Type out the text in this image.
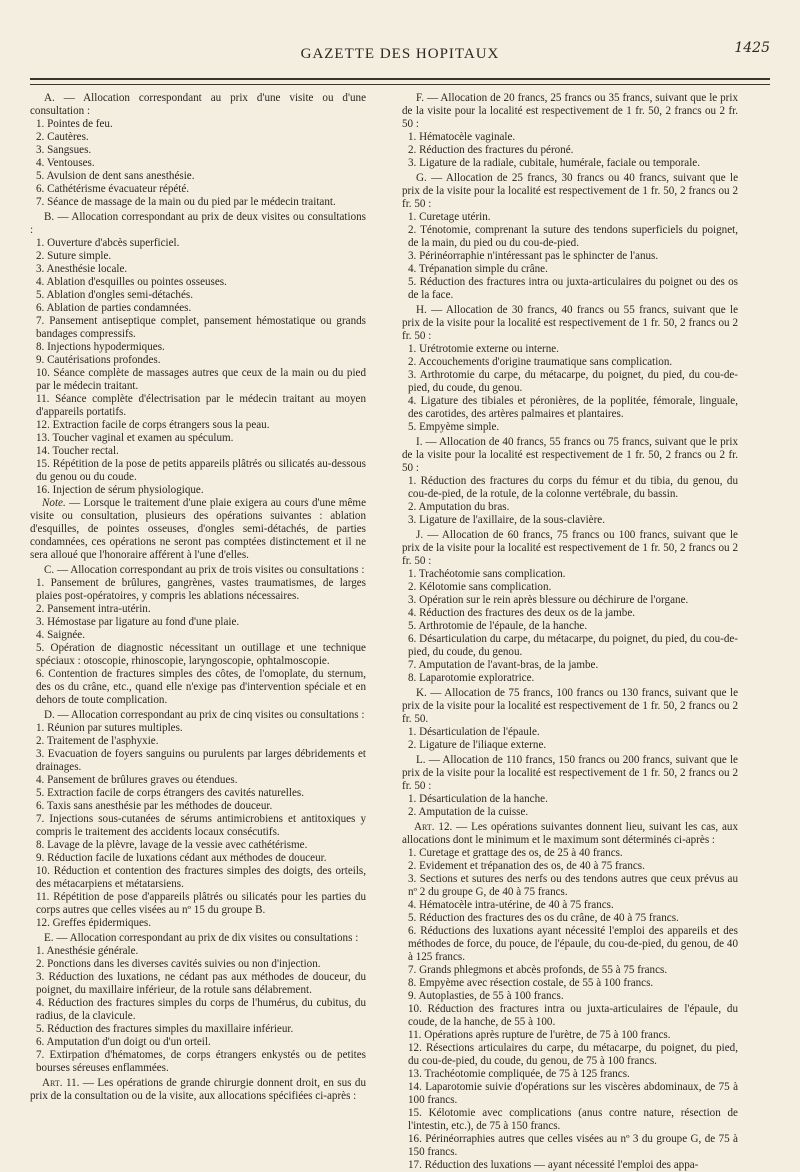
GAZETTE DES HOPITAUX	1425

A. — Allocation correspondant au prix d'une visite ou d'une consultation :

1. Pointes de feu.

2. Cautères.

3. Sangsues.

4. Ventouses.

5. Avulsion de dent sans anesthésie.

6. Cathétérisme évacuateur répété.

7. Séance de massage de la main ou du pied par le médecin traitant.

B. — Allocation correspondant au prix de deux visites ou consultations :

1. Ouverture d'abcès superficiel.

2. Suture simple.

3. Anesthésie locale.

4. Ablation d'esquilles ou pointes osseuses.

5. Ablation d'ongles semi-détachés.

6. Ablation de parties condamnées.

7. Pansement antiseptique complet, pansement hémostatique ou grands bandages compressifs.

8. Injections hypodermiques.

9. Cautérisations profondes.

10. Séance complète de massages autres que ceux de la main ou du pied par le médecin traitant.

11. Séance complète d'électrisation par le médecin traitant au moyen d'appareils portatifs.

12. Extraction facile de corps étrangers sous la peau.

13. Toucher vaginal et examen au spéculum.

14. Toucher rectal.

15. Répétition de la pose de petits appareils plâtrés ou silicatés au-dessous du genou ou du coude.

16. Injection de sérum physiologique.

Note. — Lorsque le traitement d'une plaie exigera au cours d'une même visite ou consultation, plusieurs des opérations suivantes : ablation d'esquilles, de pointes osseuses, d'ongles semi-détachés, de parties condamnées, ces opérations ne seront pas comptées distinctement et il ne sera alloué que l'honoraire afférent à l'une d'elles.

C. — Allocation correspondant au prix de trois visites ou consultations :

1. Pansement de brûlures, gangrènes, vastes traumatismes, de larges plaies post-opératoires, y compris les ablations nécessaires.

2. Pansement intra-utérin.

3. Hémostase par ligature au fond d'une plaie.

4. Saignée.

5. Opération de diagnostic nécessitant un outillage et une technique spéciaux : otoscopie, rhinoscopie, laryngoscopie, ophtalmoscopie.

6. Contention de fractures simples des côtes, de l'omoplate, du sternum, des os du crâne, etc., quand elle n'exige pas d'intervention spéciale et en dehors de toute complication.

D. — Allocation correspondant au prix de cinq visites ou consultations :

1. Réunion par sutures multiples.

2. Traitement de l'asphyxie.

3. Evacuation de foyers sanguins ou purulents par larges débridements et drainages.

4. Pansement de brûlures graves ou étendues.

5. Extraction facile de corps étrangers des cavités naturelles.

6. Taxis sans anesthésie par les méthodes de douceur.

7. Injections sous-cutanées de sérums antimicrobiens et antitoxiques y compris le traitement des accidents locaux consécutifs.

8. Lavage de la plèvre, lavage de la vessie avec cathétérisme.

9. Réduction facile de luxations cédant aux méthodes de douceur.

10. Réduction et contention des fractures simples des doigts, des orteils, des métacarpiens et métatarsiens.

11. Répétition de pose d'appareils plâtrés ou silicatés pour les parties du corps autres que celles visées au nº 15 du groupe B.

12. Greffes épidermiques.

E. — Allocation correspondant au prix de dix visites ou consultations :

1. Anesthésie générale.

2. Ponctions dans les diverses cavités suivies ou non d'injection.

3. Réduction des luxations, ne cédant pas aux méthodes de douceur, du poignet, du maxillaire inférieur, de la rotule sans délabrement.

4. Réduction des fractures simples du corps de l'humérus, du cubitus, du radius, de la clavicule.

5. Réduction des fractures simples du maxillaire inférieur.

6. Amputation d'un doigt ou d'un orteil.

7. Extirpation d'hématomes, de corps étrangers enkystés ou de petites bourses séreuses enflammées.

Art. 11. — Les opérations de grande chirurgie donnent droit, en sus du prix de la consultation ou de la visite, aux allocations spécifiées ci-après :

F. — Allocation de 20 francs, 25 francs ou 35 francs, suivant que le prix de la visite pour la localité est respectivement de 1 fr. 50, 2 francs ou 2 fr. 50 :

1. Hématocèle vaginale.

2. Réduction des fractures du péroné.

3. Ligature de la radiale, cubitale, humérale, faciale ou temporale.

G. — Allocation de 25 francs, 30 francs ou 40 francs, suivant que le prix de la visite pour la localité est respectivement de 1 fr. 50, 2 francs ou 2 fr. 50 :

1. Curetage utérin.

2. Ténotomie, comprenant la suture des tendons superficiels du poignet, de la main, du pied ou du cou-de-pied.

3. Périnéorraphie n'intéressant pas le sphincter de l'anus.

4. Trépanation simple du crâne.

5. Réduction des fractures intra ou juxta-articulaires du poignet ou des os de la face.

H. — Allocation de 30 francs, 40 francs ou 55 francs, suivant que le prix de la visite pour la localité est respectivement de 1 fr. 50, 2 francs ou 2 fr. 50 :

1. Urétrotomie externe ou interne.

2. Accouchements d'origine traumatique sans complication.

3. Arthrotomie du carpe, du métacarpe, du poignet, du pied, du cou-de-pied, du coude, du genou.

4. Ligature des tibiales et péronières, de la poplitée, fémorale, linguale, des carotides, des artères palmaires et plantaires.

5. Empyème simple.

I. — Allocation de 40 francs, 55 francs ou 75 francs, suivant que le prix de la visite pour la localité est respectivement de 1 fr. 50, 2 francs ou 2 fr. 50 :

1. Réduction des fractures du corps du fémur et du tibia, du genou, du cou-de-pied, de la rotule, de la colonne vertébrale, du bassin.

2. Amputation du bras.

3. Ligature de l'axillaire, de la sous-clavière.

J. — Allocation de 60 francs, 75 francs ou 100 francs, suivant que le prix de la visite pour la localité est respectivement de 1 fr. 50, 2 francs ou 2 fr. 50 :

1. Trachéotomie sans complication.

2. Kélotomie sans complication.

3. Opération sur le rein après blessure ou déchirure de l'organe.

4. Réduction des fractures des deux os de la jambe.

5. Arthrotomie de l'épaule, de la hanche.

6. Désarticulation du carpe, du métacarpe, du poignet, du pied, du cou-de-pied, du coude, du genou.

7. Amputation de l'avant-bras, de la jambe.

8. Laparotomie exploratrice.

K. — Allocation de 75 francs, 100 francs ou 130 francs, suivant que le prix de la visite pour la localité est respectivement de 1 fr. 50, 2 francs ou 2 fr. 50.

1. Désarticulation de l'épaule.

2. Ligature de l'iliaque externe.

L. — Allocation de 110 francs, 150 francs ou 200 francs, suivant que le prix de la visite pour la localité est respectivement de 1 fr. 50, 2 francs ou 2 fr. 50 :

1. Désarticulation de la hanche.

2. Amputation de la cuisse.

Art. 12. — Les opérations suivantes donnent lieu, suivant les cas, aux allocations dont le minimum et le maximum sont déterminés ci-après :

1. Curetage et grattage des os, de 25 à 40 francs.

2. Evidement et trépanation des os, de 40 à 75 francs.

3. Sections et sutures des nerfs ou des tendons autres que ceux prévus au nº 2 du groupe G, de 40 à 75 francs.

4. Hématocèle intra-utérine, de 40 à 75 francs.

5. Réduction des fractures des os du crâne, de 40 à 75 francs.

6. Réductions des luxations ayant nécessité l'emploi des appareils et des méthodes de force, du pouce, de l'épaule, du cou-de-pied, du genou, de 40 à 125 francs.

7. Grands phlegmons et abcès profonds, de 55 à 75 francs.

8. Empyème avec résection costale, de 55 à 100 francs.

9. Autoplasties, de 55 à 100 francs.

10. Réduction des fractures intra ou juxta-articulaires de l'épaule, du coude, de la hanche, de 55 à 100.

11. Opérations après rupture de l'urètre, de 75 à 100 francs.

12. Résections articulaires du carpe, du métacarpe, du poignet, du pied, du cou-de-pied, du coude, du genou, de 75 à 100 francs.

13. Trachéotomie compliquée, de 75 à 125 francs.

14. Laparotomie suivie d'opérations sur les viscères abdominaux, de 75 à 100 francs.

15. Kélotomie avec complications (anus contre nature, résection de l'intestin, etc.), de 75 à 150 francs.

16. Périnéorraphies autres que celles visées au nº 3 du groupe G, de 75 à 150 francs.

17. Réduction des luxations — ayant nécessité l'emploi des appa-
